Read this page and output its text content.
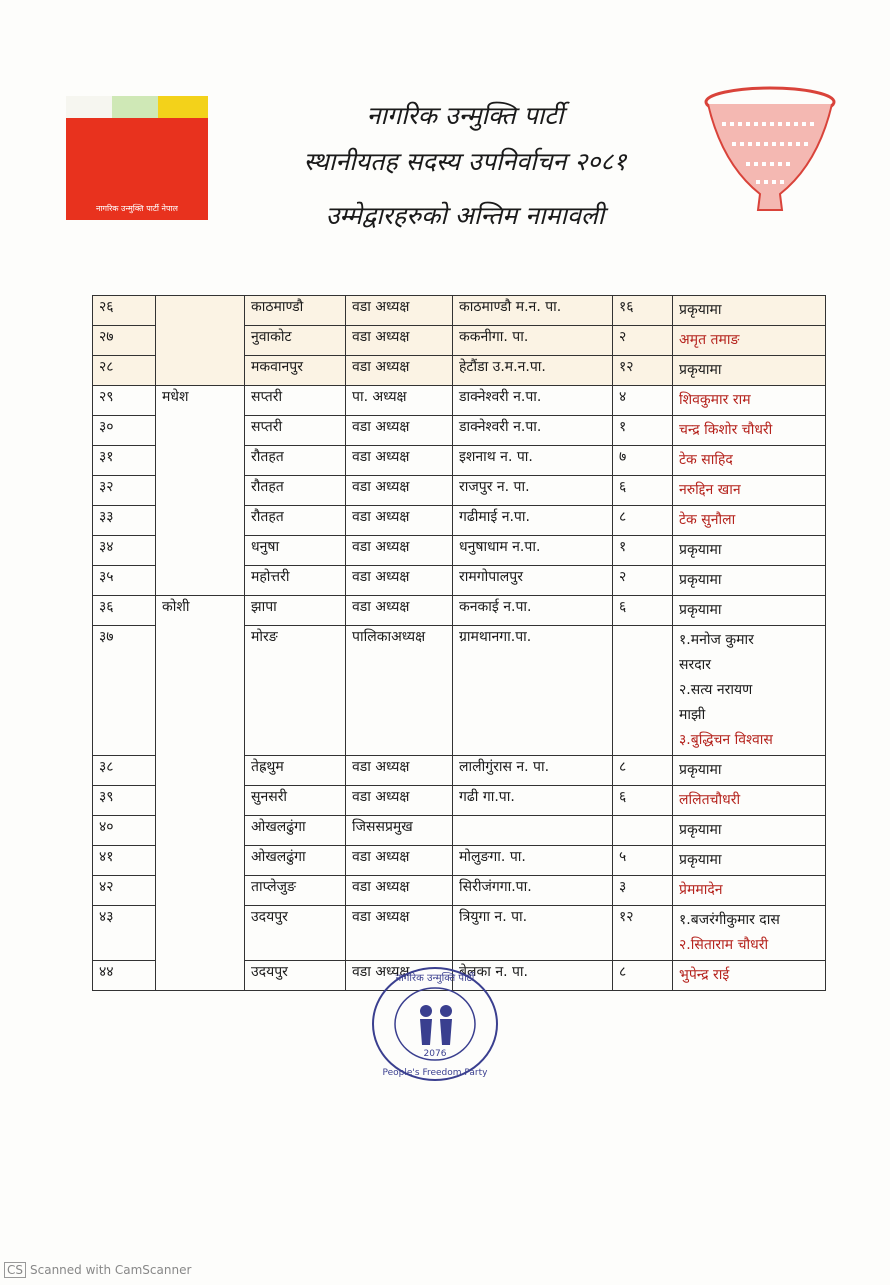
नागरिक उन्मुक्ति पार्टी नेपाल
नागरिक उन्मुक्ति पार्टी
स्थानीयतह सदस्य उपनिर्वाचन २०८१
उम्मेद्वारहरुको अन्तिम नामावली
२६		काठमाण्डौ	वडा अध्यक्ष	काठमाण्डौ म.न. पा.	१६	प्रकृयामा

२७		नुवाकोट	वडा अध्यक्ष	ककनीगा. पा.	२	अमृत तमाङ

२८		मकवानपुर	वडा अध्यक्ष	हेटौंडा उ.म.न.पा.	१२	प्रकृयामा

२९	मधेश	सप्तरी	पा. अध्यक्ष	डाक्नेश्वरी न.पा.	४	शिवकुमार राम

३०		सप्तरी	वडा अध्यक्ष	डाक्नेश्वरी न.पा.	१	चन्द्र किशोर चौधरी

३१		रौतहत	वडा अध्यक्ष	इशनाथ न. पा.	७	टेक साहिद

३२		रौतहत	वडा अध्यक्ष	राजपुर न. पा.	६	नरुद्दिन खान

३३		रौतहत	वडा अध्यक्ष	गढीमाई न.पा.	८	टेक सुनौला

३४		धनुषा	वडा अध्यक्ष	धनुषाधाम न.पा.	१	प्रकृयामा

३५		महोत्तरी	वडा अध्यक्ष	रामगोपालपुर	२	प्रकृयामा

३६	कोशी	झापा	वडा अध्यक्ष	कनकाई न.पा.	६	प्रकृयामा

३७		मोरङ	पालिकाअध्यक्ष	ग्रामथानगा.पा.		१.मनोज कुमार
सरदार
२.सत्य नरायण
माझी
३.बुद्धिचन विश्वास

३८		तेह्रथुम	वडा अध्यक्ष	लालीगुंरास न. पा.	८	प्रकृयामा

३९		सुनसरी	वडा अध्यक्ष	गढी गा.पा.	६	ललितचौधरी

४०		ओखलढुंगा	जिससप्रमुख			प्रकृयामा

४१		ओखलढुंगा	वडा अध्यक्ष	मोलुङगा. पा.	५	प्रकृयामा

४२		ताप्लेजुङ	वडा अध्यक्ष	सिरीजंगगा.पा.	३	प्रेममादेन

४३		उदयपुर	वडा अध्यक्ष	त्रियुगा न. पा.	१२	१.बजरंगीकुमार दास
२.सिताराम चौधरी

४४		उदयपुर	वडा अध्यक्ष	बेलका न. पा.	८	भुपेन्द्र राई
2076
नागरिक उन्मुक्ति पार्टी
People's Freedom Party
CS Scanned with CamScanner
